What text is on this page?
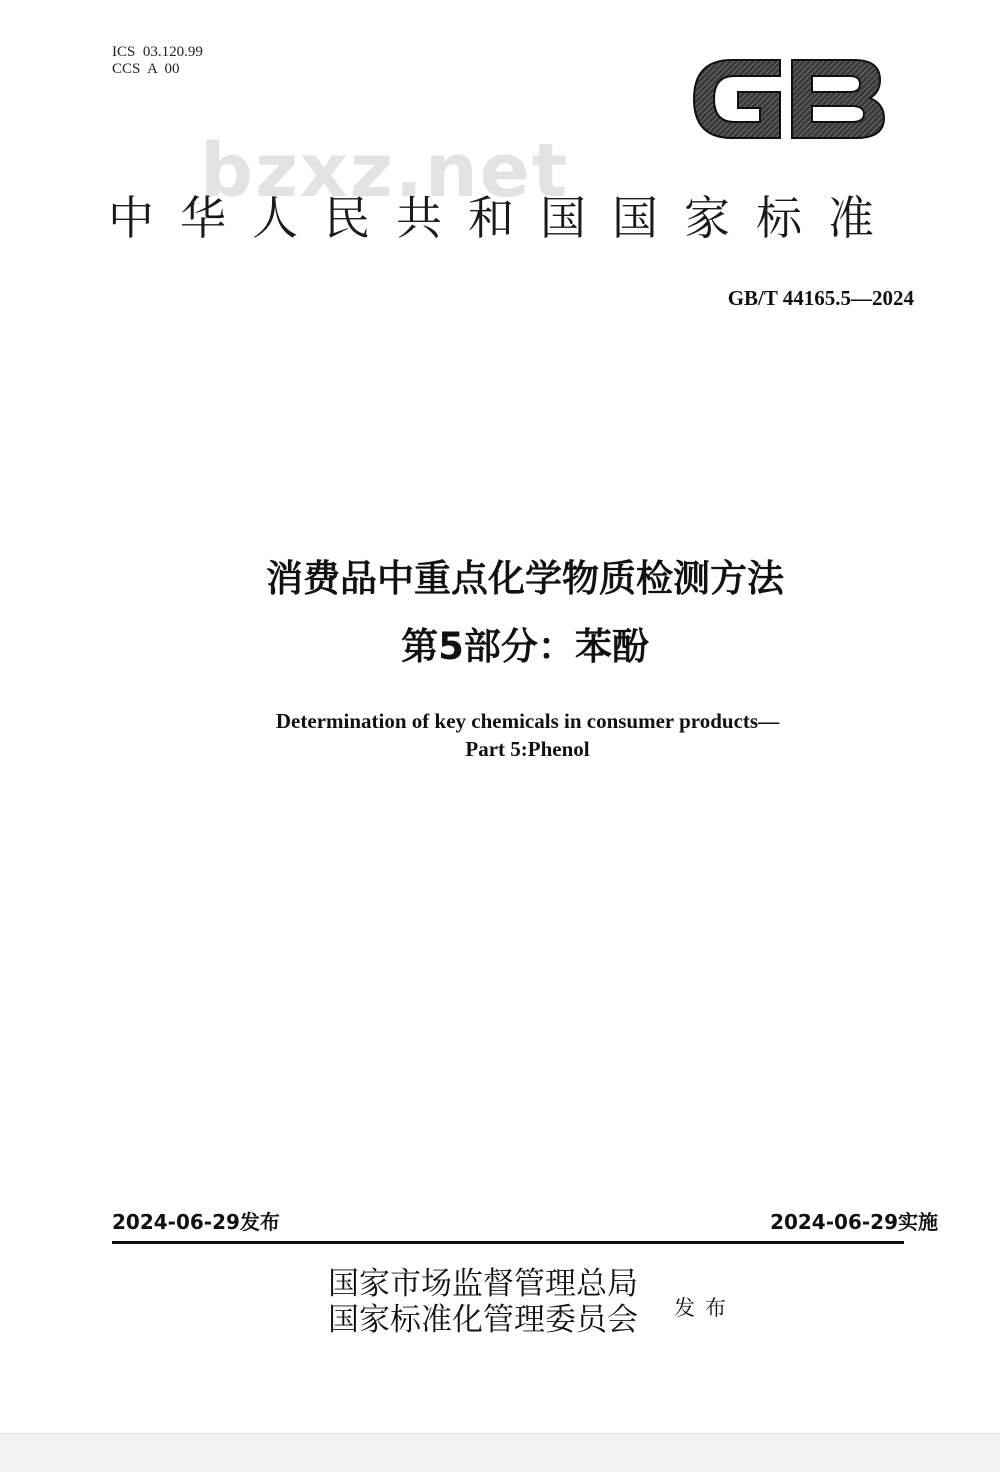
ICS  03.120.99
CCS  A  00
bzxz.net
中华人民共和国国家标准
GB/T 44165.5—2024
消费品中重点化学物质检测方法
第5部分：苯酚
Determination of key chemicals in consumer products—
Part 5:Phenol
2024-06-29发布	2024-06-29实施
国家市场监督管理总局
国家标准化管理委员会 发布
